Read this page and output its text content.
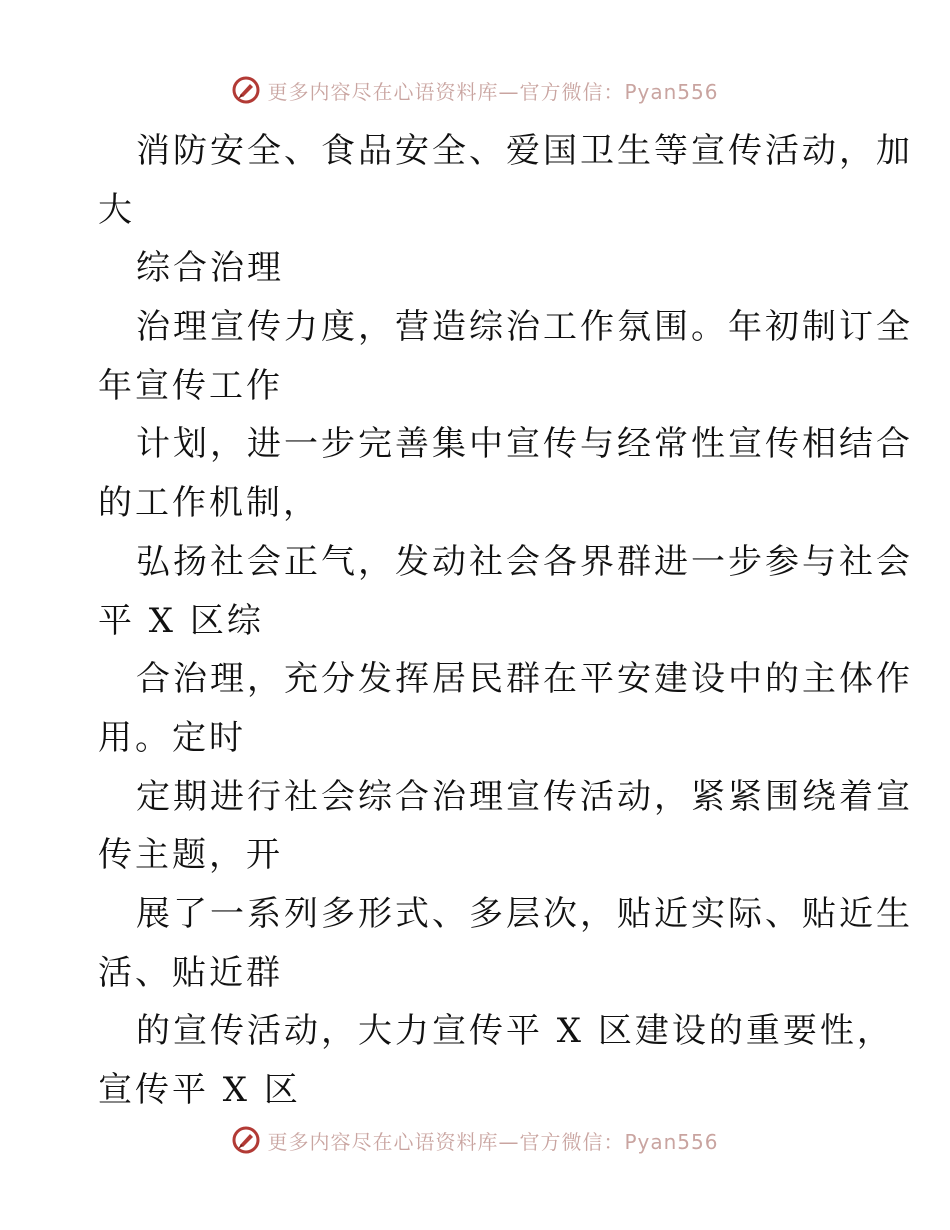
更多内容尽在心语资料库—官方微信：Pyan556
消防安全、食品安全、爱国卫生等宣传活动，加
大
综合治理
治理宣传力度，营造综治工作氛围。年初制订全
年宣传工作
计划，进一步完善集中宣传与经常性宣传相结合
的工作机制，
弘扬社会正气，发动社会各界群进一步参与社会
平 X 区综
合治理，充分发挥居民群在平安建设中的主体作
用。定时
定期进行社会综合治理宣传活动，紧紧围绕着宣
传主题，开
展了一系列多形式、多层次，贴近实际、贴近生
活、贴近群
的宣传活动，大力宣传平 X 区建设的重要性，
宣传平 X 区
更多内容尽在心语资料库—官方微信：Pyan556
